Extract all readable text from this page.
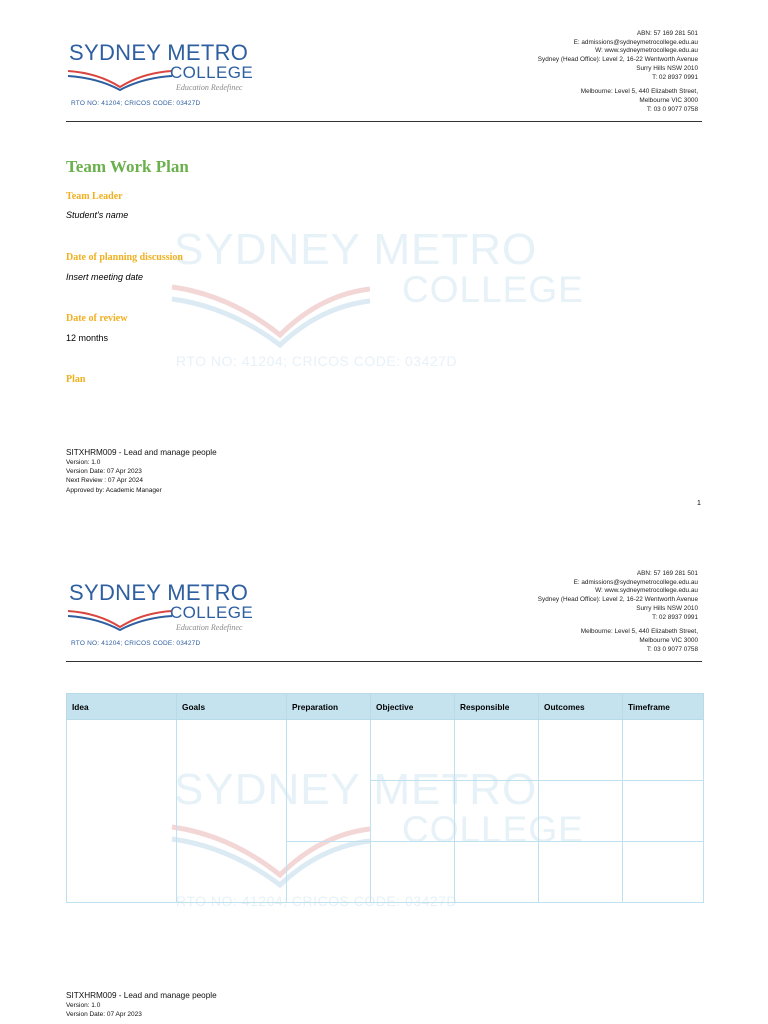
SYDNEY METRO
COLLEGE
RTO NO: 41204; CRICOS CODE: 03427D
SYDNEY METRO
COLLEGE
Education Redefinec
RTO NO: 41204; CRICOS CODE: 03427D
ABN: 57 169 281 501
E: admissions@sydneymetrocollege.edu.au
W: www.sydneymetrocollege.edu.au
Sydney (Head Office): Level 2, 16-22 Wentworth Avenue
Surry Hills NSW 2010
T: 02 8937 0991
Melbourne: Level 5, 440 Elizabeth Street,
Melbourne VIC 3000
T: 03 0 9077 0758
Team Work Plan
Team Leader
Student's name
Date of planning discussion
Insert meeting date
Date of review
12 months
Plan
SITXHRM009 - Lead and manage people
Version: 1.0
Version Date: 07 Apr 2023
Next Review : 07 Apr 2024
Approved by: Academic Manager
1
SYDNEY METRO
COLLEGE
Education Redefinec
RTO NO: 41204; CRICOS CODE: 03427D
ABN: 57 169 281 501
E: admissions@sydneymetrocollege.edu.au
W: www.sydneymetrocollege.edu.au
Sydney (Head Office): Level 2, 16-22 Wentworth Avenue
Surry Hills NSW 2010
T: 02 8937 0991
Melbourne: Level 5, 440 Elizabeth Street,
Melbourne VIC 3000
T: 03 0 9077 0758
SYDNEY METRO
COLLEGE
RTO NO: 41204; CRICOS CODE: 03427D
Idea	Goals	Preparation	Objective	Responsible	Outcomes	Timeframe

SITXHRM009 - Lead and manage people
Version: 1.0
Version Date: 07 Apr 2023
